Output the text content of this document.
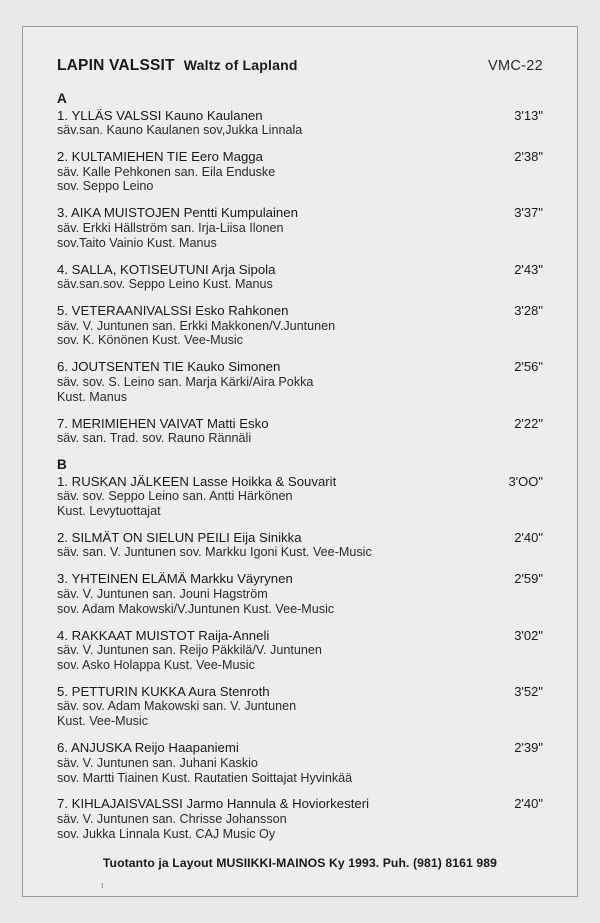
LAPIN VALSSIT Waltz of Lapland	VMC-22
A
1. YLLÄS VALSSI Kauno Kaulanen
säv.san. Kauno Kaulanen sov,Jukka Linnala
3'13"
2. KULTAMIEHEN TIE Eero Magga
säv. Kalle Pehkonen san. Eila Enduske
sov. Seppo Leino
2'38"
3. AIKA MUISTOJEN Pentti Kumpulainen
säv. Erkki Hällström san. Irja-Liisa Ilonen
sov.Taito Vainio Kust. Manus
3'37"
4. SALLA, KOTISEUTUNI Arja Sipola
säv.san.sov. Seppo Leino Kust. Manus
2'43"
5. VETERAANIVALSSI Esko Rahkonen
säv. V. Juntunen san. Erkki Makkonen/V.Juntunen
sov. K. Könönen Kust. Vee-Music
3'28"
6. JOUTSENTEN TIE Kauko Simonen
säv. sov. S. Leino san. Marja Kärki/Aira Pokka
Kust. Manus
2'56"
7. MERIMIEHEN VAIVAT Matti Esko
säv. san. Trad. sov. Rauno Rännäli
2'22"
B
1. RUSKAN JÄLKEEN Lasse Hoikka & Souvarit
säv. sov. Seppo Leino san. Antti Härkönen
Kust. Levytuottajat
3'OO"
2. SILMÄT ON SIELUN PEILI Eija Sinikka
säv. san. V. Juntunen sov. Markku Igoni Kust. Vee-Music
2'40"
3. YHTEINEN ELÄMÄ Markku Väyrynen
säv. V. Juntunen san. Jouni Hagström
sov. Adam Makowski/V.Juntunen Kust. Vee-Music
2'59"
4. RAKKAAT MUISTOT Raija-Anneli
säv. V. Juntunen san. Reijo Päkkilä/V. Juntunen
sov. Asko Holappa Kust. Vee-Music
3'02"
5. PETTURIN KUKKA Aura Stenroth
säv. sov. Adam Makowski san. V. Juntunen
Kust. Vee-Music
3'52"
6. ANJUSKA Reijo Haapaniemi
säv. V. Juntunen san. Juhani Kaskio
sov. Martti Tiainen Kust. Rautatien Soittajat Hyvinkää
2'39"
7. KIHLAJAISVALSSI Jarmo Hannula & Hoviorkesteri
säv. V. Juntunen san. Chrisse Johansson
sov. Jukka Linnala Kust. CAJ Music Oy
2'40"
Tuotanto ja Layout MUSIIKKI-MAINOS Ky 1993. Puh. (981) 8161 989
ı
